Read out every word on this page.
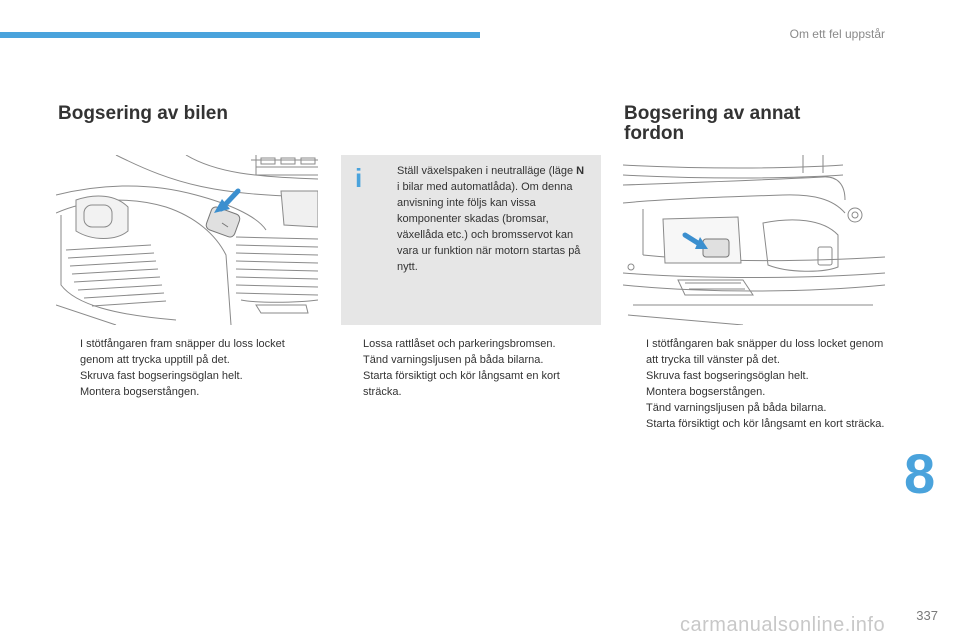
Om ett fel uppstår
Bogsering av bilen	Bogsering av annat fordon
i	Ställ växelspaken i neutralläge (läge N i bilar med automatlåda). Om denna anvisning inte följs kan vissa komponenter skadas (bromsar, växellåda etc.) och bromsservot kan vara ur funktion när motorn startas på nytt.
I stötfångaren fram snäpper du loss locket genom att trycka upptill på det.
Skruva fast bogseringsöglan helt.
Montera bogserstången.
Lossa rattlåset och parkeringsbromsen.
Tänd varningsljusen på båda bilarna.
Starta försiktigt och kör långsamt en kort sträcka.
I stötfångaren bak snäpper du loss locket genom att trycka till vänster på det.
Skruva fast bogseringsöglan helt.
Montera bogserstången.
Tänd varningsljusen på båda bilarna.
Starta försiktigt och kör långsamt en kort sträcka.
8
carmanualsonline.info 337
